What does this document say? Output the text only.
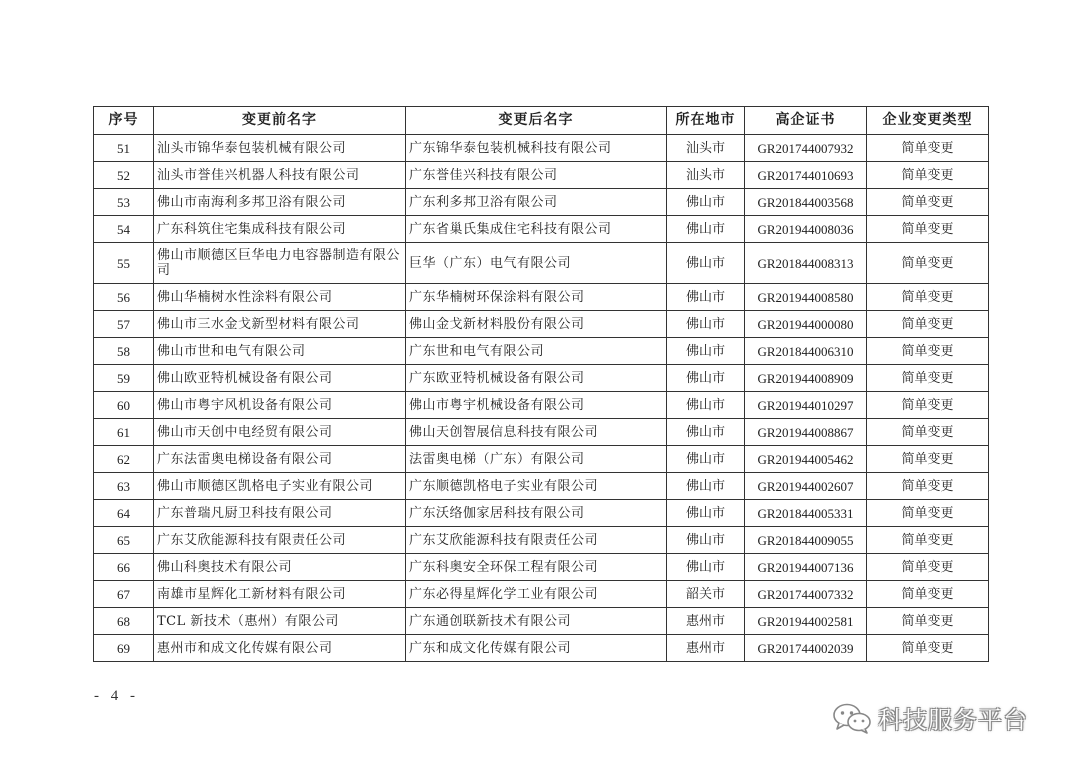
序号	变更前名字	变更后名字	所在地市	高企证书	企业变更类型
51	汕头市锦华泰包装机械有限公司	广东锦华泰包装机械科技有限公司	汕头市	GR201744007932	简单变更
52	汕头市誉佳兴机器人科技有限公司	广东誉佳兴科技有限公司	汕头市	GR201744010693	简单变更
53	佛山市南海利多邦卫浴有限公司	广东利多邦卫浴有限公司	佛山市	GR201844003568	简单变更
54	广东科筑住宅集成科技有限公司	广东省巢氏集成住宅科技有限公司	佛山市	GR201944008036	简单变更
55	佛山市顺德区巨华电力电容器制造有限公司	巨华（广东）电气有限公司	佛山市	GR201844008313	简单变更
56	佛山华楠树水性涂料有限公司	广东华楠树环保涂料有限公司	佛山市	GR201944008580	简单变更
57	佛山市三水金戈新型材料有限公司	佛山金戈新材料股份有限公司	佛山市	GR201944000080	简单变更
58	佛山市世和电气有限公司	广东世和电气有限公司	佛山市	GR201844006310	简单变更
59	佛山欧亚特机械设备有限公司	广东欧亚特机械设备有限公司	佛山市	GR201944008909	简单变更
60	佛山市粤宇风机设备有限公司	佛山市粤宇机械设备有限公司	佛山市	GR201944010297	简单变更
61	佛山市天创中电经贸有限公司	佛山天创智展信息科技有限公司	佛山市	GR201944008867	简单变更
62	广东法雷奥电梯设备有限公司	法雷奥电梯（广东）有限公司	佛山市	GR201944005462	简单变更
63	佛山市顺德区凯格电子实业有限公司	广东顺德凯格电子实业有限公司	佛山市	GR201944002607	简单变更
64	广东普瑞凡厨卫科技有限公司	广东沃络伽家居科技有限公司	佛山市	GR201844005331	简单变更
65	广东艾欣能源科技有限责任公司	广东艾欣能源科技有限责任公司	佛山市	GR201844009055	简单变更
66	佛山科奥技术有限公司	广东科奥安全环保工程有限公司	佛山市	GR201944007136	简单变更
67	南雄市星辉化工新材料有限公司	广东必得星辉化学工业有限公司	韶关市	GR201744007332	简单变更
68	TCL 新技术（惠州）有限公司	广东通创联新技术有限公司	惠州市	GR201944002581	简单变更
69	惠州市和成文化传媒有限公司	广东和成文化传媒有限公司	惠州市	GR201744002039	简单变更
- 4 -
科技服务平台
